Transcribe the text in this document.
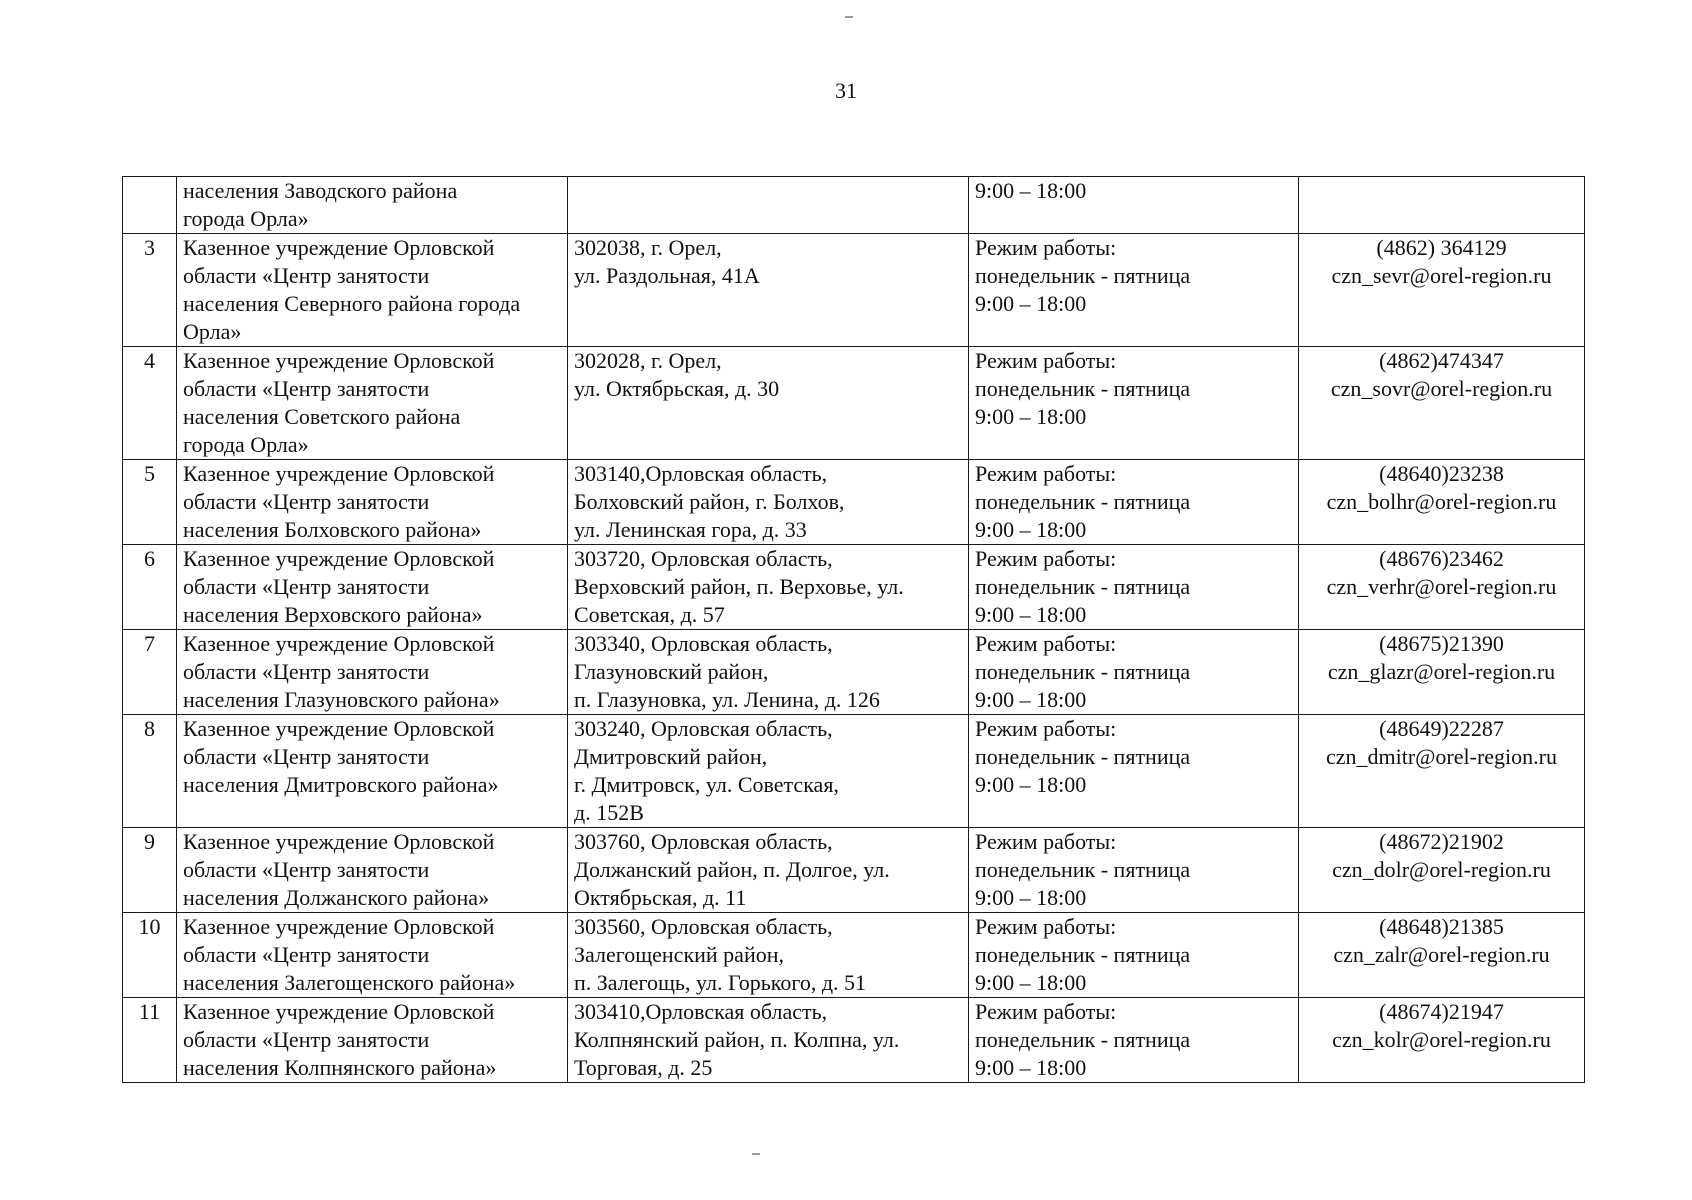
31

	населения Заводского района
города Орла»		9:00 – 18:00	

3	Казенное учреждение Орловской
области «Центр занятости
населения Северного района города
Орла»	302038, г. Орел,
ул. Раздольная, 41А	Режим работы:
понедельник - пятница
9:00 – 18:00	(4862) 364129
czn_sevr@orel-region.ru

4	Казенное учреждение Орловской
области «Центр занятости
населения Советского района
города Орла»	302028, г. Орел,
ул. Октябрьская, д. 30	Режим работы:
понедельник - пятница
9:00 – 18:00	(4862)474347
czn_sovr@orel-region.ru

5	Казенное учреждение Орловской
области «Центр занятости
населения Болховского района»	303140,Орловская область,
Болховский район, г. Болхов,
ул. Ленинская гора, д. 33	Режим работы:
понедельник - пятница
9:00 – 18:00	(48640)23238
czn_bolhr@orel-region.ru

6	Казенное учреждение Орловской
области «Центр занятости
населения Верховского района»	303720, Орловская область,
Верховский район, п. Верховье, ул.
Советская, д. 57	Режим работы:
понедельник - пятница
9:00 – 18:00	(48676)23462
czn_verhr@orel-region.ru

7	Казенное учреждение Орловской
области «Центр занятости
населения Глазуновского района»	303340, Орловская область,
Глазуновский район,
п. Глазуновка, ул. Ленина, д. 126	Режим работы:
понедельник - пятница
9:00 – 18:00	(48675)21390
czn_glazr@orel-region.ru

8	Казенное учреждение Орловской
области «Центр занятости
населения Дмитровского района»	303240, Орловская область,
Дмитровский район,
г. Дмитровск, ул. Советская,
д. 152В	Режим работы:
понедельник - пятница
9:00 – 18:00	(48649)22287
czn_dmitr@orel-region.ru

9	Казенное учреждение Орловской
области «Центр занятости
населения Должанского района»	303760, Орловская область,
Должанский район, п. Долгое, ул.
Октябрьская, д. 11	Режим работы:
понедельник - пятница
9:00 – 18:00	(48672)21902
czn_dolr@orel-region.ru

10	Казенное учреждение Орловской
области «Центр занятости
населения Залегощенского района»	303560, Орловская область,
Залегощенский район,
п. Залегощь, ул. Горького, д. 51	Режим работы:
понедельник - пятница
9:00 – 18:00	(48648)21385
czn_zalr@orel-region.ru

11	Казенное учреждение Орловской
области «Центр занятости
населения Колпнянского района»	303410,Орловская область,
Колпнянский район, п. Колпна, ул.
Торговая, д. 25	Режим работы:
понедельник - пятница
9:00 – 18:00	(48674)21947
czn_kolr@orel-region.ru
